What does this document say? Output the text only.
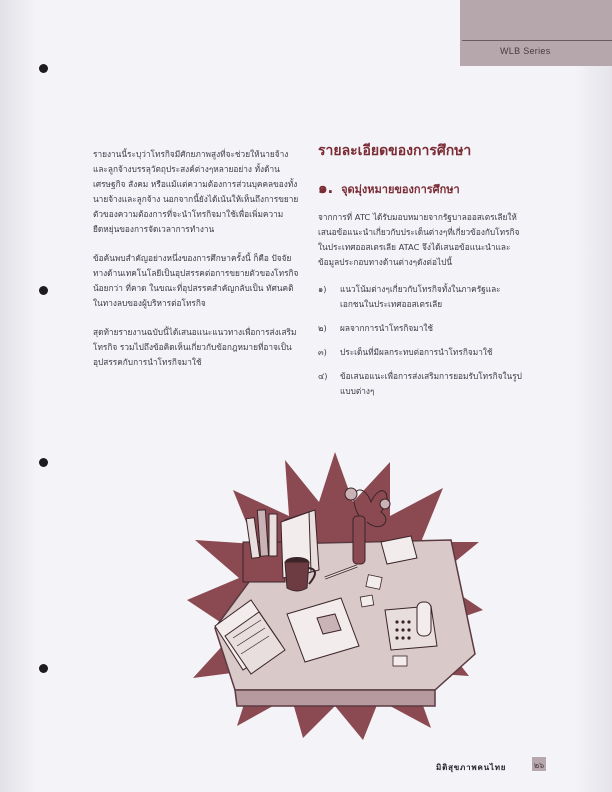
WLB Series

รายงานนี้ระบุว่าโทรกิจมีศักยภาพสูงที่จะช่วยให้นายจ้างและลูกจ้างบรรลุวัตถุประสงค์ต่างๆหลายอย่าง ทั้งด้านเศรษฐกิจ สังคม หรือแม้แต่ความต้องการส่วนบุคคลของทั้งนายจ้างและลูกจ้าง นอกจากนี้ยังได้เน้นให้เห็นถึงการขยายตัวของความต้องการที่จะนำโทรกิจมาใช้เพื่อเพิ่มความยืดหยุ่นของการจัดเวลาการทำงาน

ข้อค้นพบสำคัญอย่างหนึ่งของการศึกษาครั้งนี้ ก็คือ ปัจจัยทางด้านเทคโนโลยีเป็นอุปสรรคต่อการขยายตัวของโทรกิจ น้อยกว่า ที่คาด ในขณะที่อุปสรรคสำคัญกลับเป็น ทัศนคติในทางลบของผู้บริหารต่อโทรกิจ

สุดท้ายรายงานฉบับนี้ได้เสนอแนะแนวทางเพื่อการส่งเสริมโทรกิจ รวมไปถึงข้อคิดเห็นเกี่ยวกับข้อกฎหมายที่อาจเป็นอุปสรรคกับการนำโทรกิจมาใช้

รายละเอียดของการศึกษา
๑. จุดมุ่งหมายของการศึกษา

จากการที่ ATC ได้รับมอบหมายจากรัฐบาลออสเตรเลียให้เสนอข้อแนะนำเกี่ยวกับประเด็นต่างๆที่เกี่ยวข้องกับโทรกิจในประเทศออสเตรเลีย ATAC จึงได้เสนอข้อแนะนำและข้อมูลประกอบทางด้านต่างๆดังต่อไปนี้

๑)	แนวโน้มต่างๆเกี่ยวกับโทรกิจทั้งในภาครัฐและเอกชนในประเทศออสเตรเลีย
๒)	ผลจากการนำโทรกิจมาใช้
๓)	ประเด็นที่มีผลกระทบต่อการนำโทรกิจมาใช้
๔)	ข้อเสนอแนะเพื่อการส่งเสริมการยอมรับโทรกิจในรูปแบบต่างๆ
มิติสุขภาพคนไทย	๒๖
